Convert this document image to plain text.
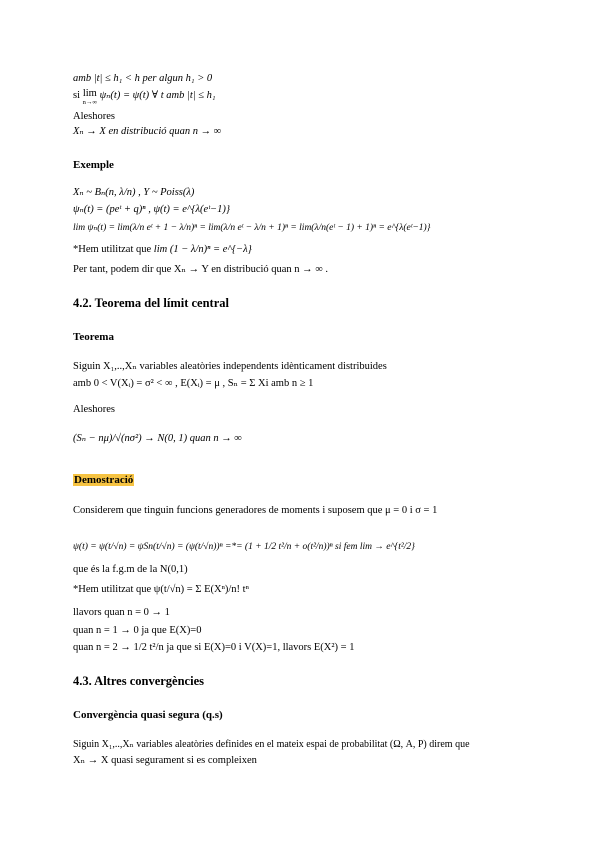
amb |t| ≤ h₁ < h per algun h₁ > 0
si lim
n→∞
ψₙ(t) = ψ(t) ∀ t amb |t| ≤ h₁
Aleshores
Xₙ → X en distribució quan n → ∞
Exemple
Xₙ ~ Bₙ(n, λ/n) , Y ~ Poiss(λ)
ψₙ(t) = (peᵗ + q)ⁿ , ψ(t) = e^{λ(eᵗ−1)}
lim ψₙ(t) = lim(λ/n eᵗ + 1 − λ/n)ⁿ = lim(λ/n eᵗ − λ/n + 1)ⁿ = lim(λ/n(eᵗ − 1) + 1)ⁿ = e^{λ(eᵗ−1)}
*Hem utilitzat que lim (1 − λ/n)ⁿ = e^{−λ}
Per tant, podem dir que Xₙ → Y en distribució quan n → ∞ .
4.2. Teorema del límit central
Teorema
Siguin X₁,..,Xₙ variables aleatòries independents idènticament distribuides
amb 0 < V(Xᵢ) = σ² < ∞ , E(Xᵢ) = μ , Sₙ = Σ Xi amb n ≥ 1
Aleshores
(Sₙ − nμ)/√(nσ²) → N(0, 1) quan n → ∞
Demostració
Considerem que tinguin funcions generadores de moments i suposem que μ = 0 i σ = 1
ψ(t) = ψ(t/√n) = ψSn(t/√n) = (ψ(t/√n))ⁿ =*= (1 + 1/2 t²/n + o(t²/n))ⁿ si fem lim → e^{t²/2}
que és la f.g.m de la N(0,1)
*Hem utilitzat que ψ(t/√n) = Σ E(Xⁿ)/n! tⁿ
llavors quan n = 0 → 1
quan n = 1 → 0 ja que E(X)=0
quan n = 2 → 1/2 t²/n ja que si E(X)=0 i V(X)=1, llavors E(X²) = 1
4.3. Altres convergències
Convergència quasi segura (q.s)
Siguin X₁,..,Xₙ variables aleatòries definides en el mateix espai de probabilitat (Ω, A, P) direm que
Xₙ → X quasi segurament si es compleixen
